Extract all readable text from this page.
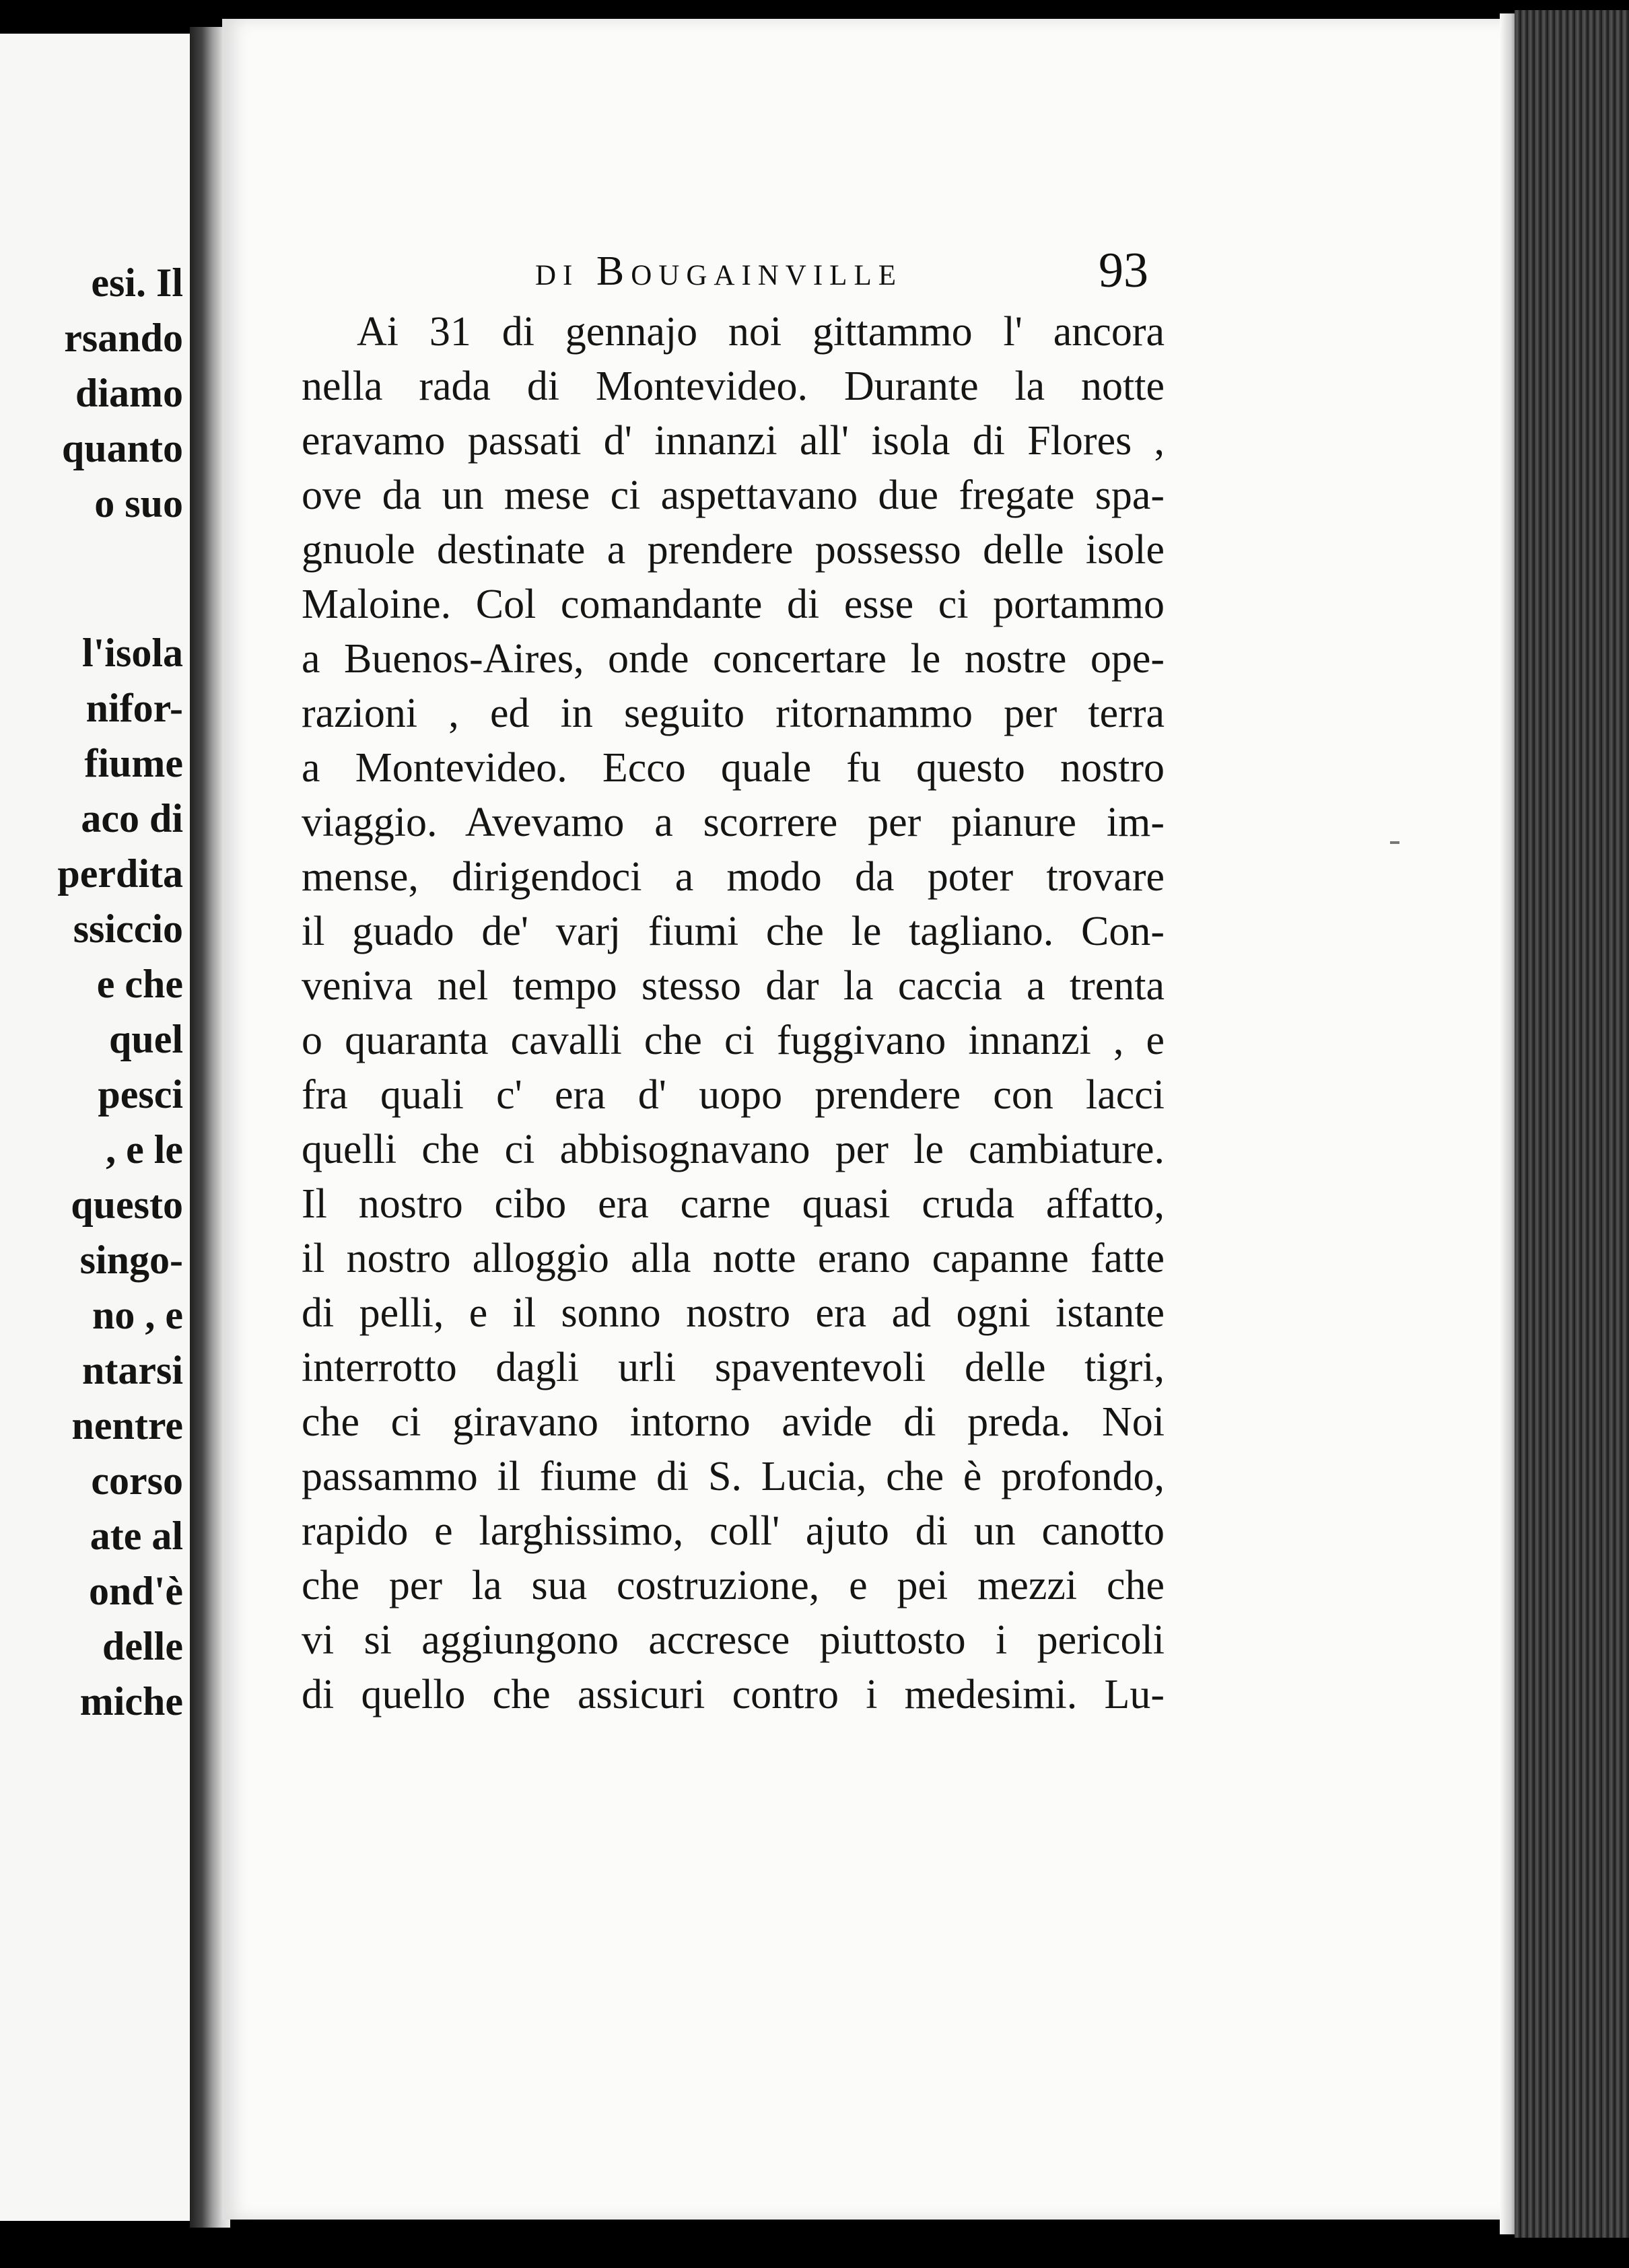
esi. Il
rsando
diamo
quanto
o suo
l'isola
nifor-
fiume
aco di
perdita
ssiccio
e che
quel
pesci
, e le
questo
singo-
no , e
ntarsi
nentre
corso
ate al
ond'è
delle
miche
di Bougainville	93
Ai 31 di gennajo noi gittammo l' ancora
nella rada di Montevideo. Durante la notte
eravamo passati d' innanzi all' isola di Flores ,
ove da un mese ci aspettavano due fregate spa-
gnuole destinate a prendere possesso delle isole
Maloine. Col comandante di esse ci portammo
a Buenos-Aires, onde concertare le nostre ope-
razioni , ed in seguito ritornammo per terra
a Montevideo. Ecco quale fu questo nostro
viaggio. Avevamo a scorrere per pianure im-
mense, dirigendoci a modo da poter trovare
il guado de' varj fiumi che le tagliano. Con-
veniva nel tempo stesso dar la caccia a trenta
o quaranta cavalli che ci fuggivano innanzi , e
fra quali c' era d' uopo prendere con lacci
quelli che ci abbisognavano per le cambiature.
Il nostro cibo era carne quasi cruda affatto,
il nostro alloggio alla notte erano capanne fatte
di pelli, e il sonno nostro era ad ogni istante
interrotto dagli urli spaventevoli delle tigri,
che ci giravano intorno avide di preda. Noi
passammo il fiume di S. Lucia, che è profondo,
rapido e larghissimo, coll' ajuto di un canotto
che per la sua costruzione, e pei mezzi che
vi si aggiungono accresce piuttosto i pericoli
di quello che assicuri contro i medesimi. Lu-
